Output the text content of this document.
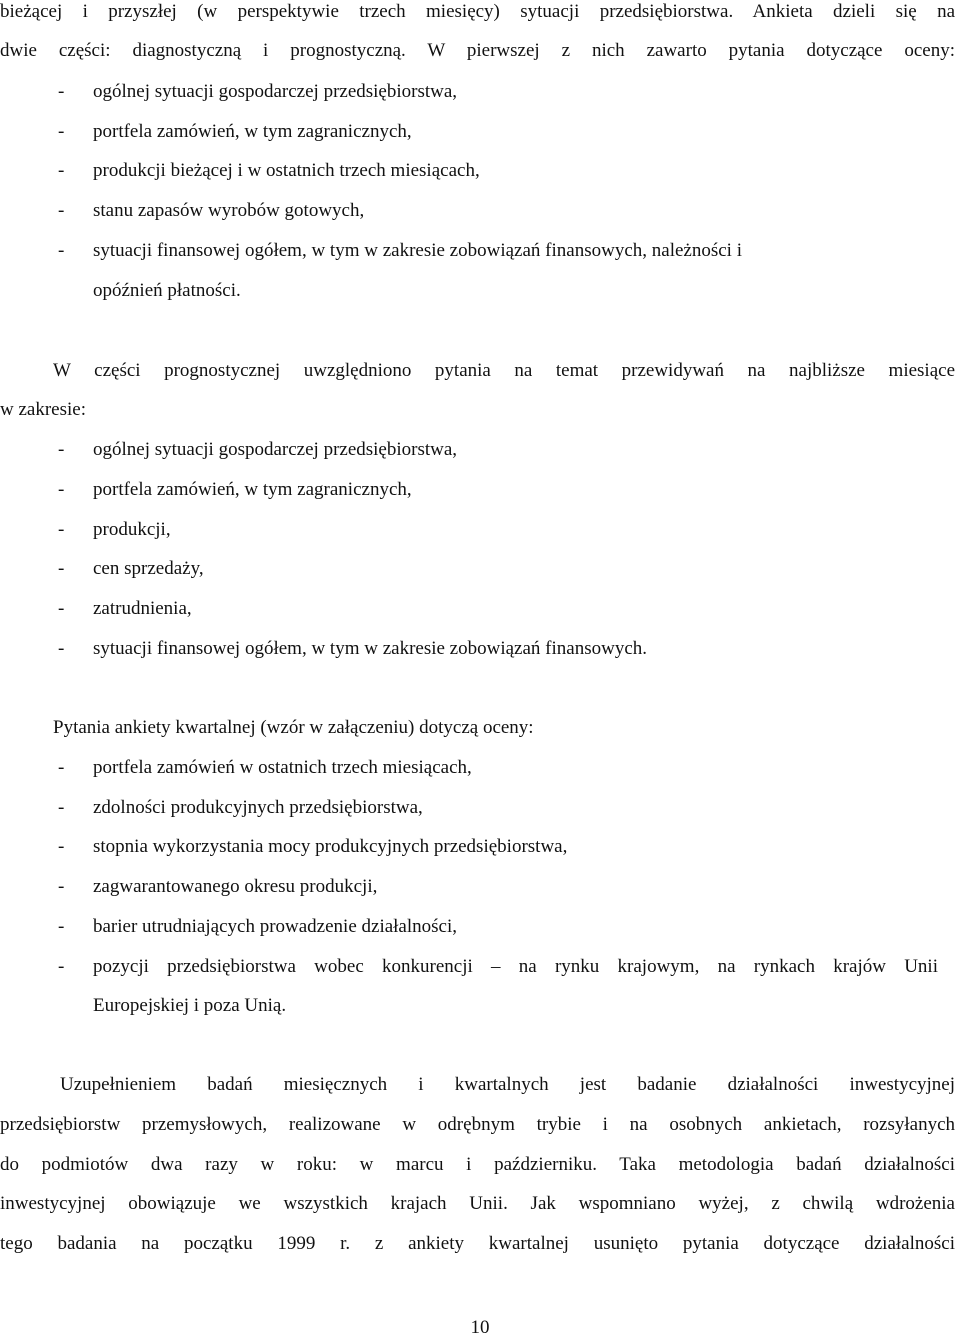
bieżącej i przyszłej (w perspektywie trzech miesięcy) sytuacji przedsiębiorstwa. Ankieta dzieli się na
dwie części: diagnostyczną i prognostyczną. W pierwszej z nich zawarto pytania dotyczące oceny:
- ogólnej sytuacji gospodarczej przedsiębiorstwa,
- portfela zamówień, w tym zagranicznych,
- produkcji bieżącej i w ostatnich trzech miesiącach,
- stanu zapasów wyrobów gotowych,
- sytuacji finansowej ogółem, w tym w zakresie zobowiązań finansowych, należności i
opóźnień płatności.
W części prognostycznej uwzględniono pytania na temat przewidywań na najbliższe miesiące
w zakresie:
- ogólnej sytuacji gospodarczej przedsiębiorstwa,
- portfela zamówień, w tym zagranicznych,
- produkcji,
- cen sprzedaży,
- zatrudnienia,
- sytuacji finansowej ogółem, w tym w zakresie zobowiązań finansowych.
Pytania ankiety kwartalnej (wzór w załączeniu) dotyczą oceny:
- portfela zamówień w ostatnich trzech miesiącach,
- zdolności produkcyjnych przedsiębiorstwa,
- stopnia wykorzystania mocy produkcyjnych przedsiębiorstwa,
- zagwarantowanego okresu produkcji,
- barier utrudniających prowadzenie działalności,
- pozycji przedsiębiorstwa wobec konkurencji – na rynku krajowym, na rynkach krajów Unii
Europejskiej i poza Unią.
Uzupełnieniem badań miesięcznych i kwartalnych jest badanie działalności inwestycyjnej
przedsiębiorstw przemysłowych, realizowane w odrębnym trybie i na osobnych ankietach, rozsyłanych
do podmiotów dwa razy w roku: w marcu i październiku. Taka metodologia badań działalności
inwestycyjnej obowiązuje we wszystkich krajach Unii. Jak wspomniano wyżej, z chwilą wdrożenia
tego badania na początku 1999 r. z ankiety kwartalnej usunięto pytania dotyczące działalności
10
